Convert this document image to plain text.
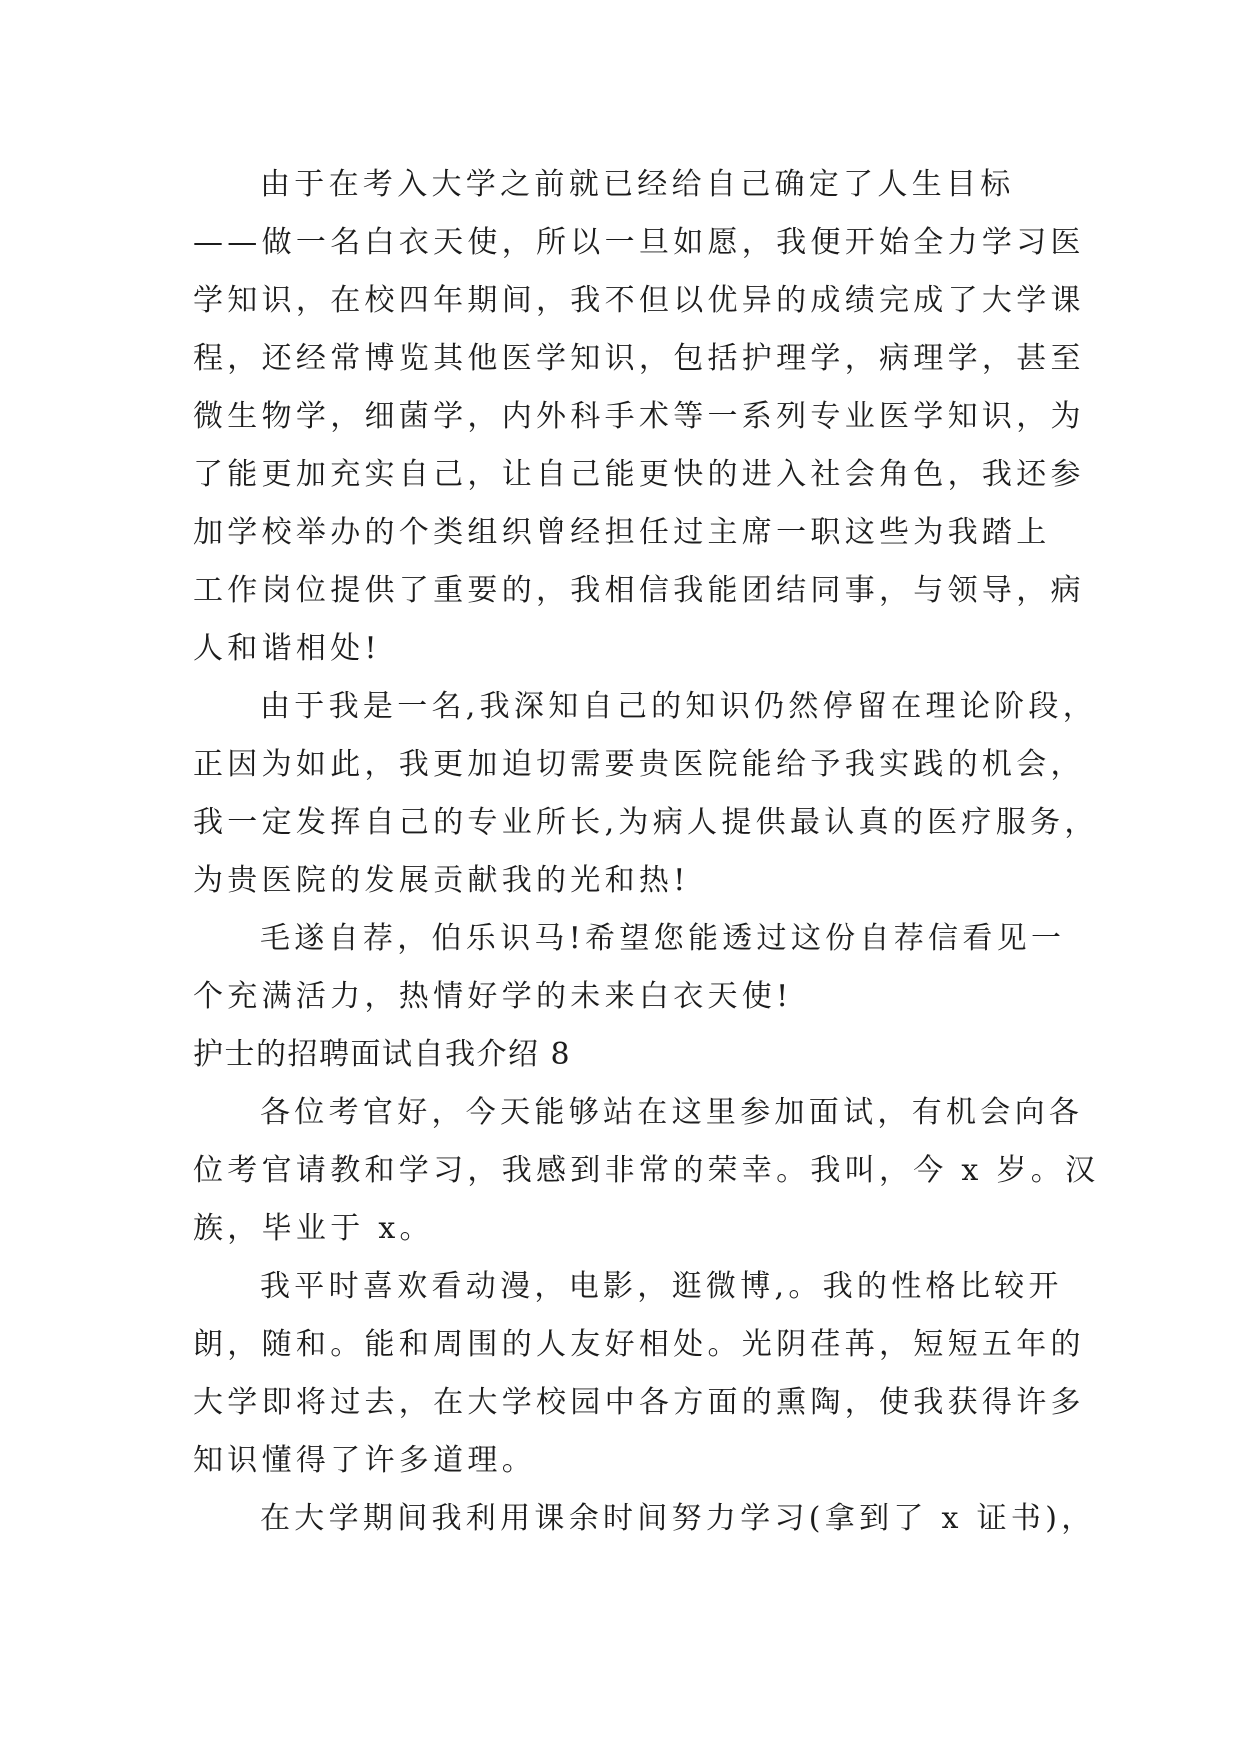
由于在考入大学之前就已经给自己确定了人生目标
——做一名白衣天使，所以一旦如愿，我便开始全力学习医
学知识，在校四年期间，我不但以优异的成绩完成了大学课
程，还经常博览其他医学知识，包括护理学，病理学，甚至
微生物学，细菌学，内外科手术等一系列专业医学知识，为
了能更加充实自己，让自己能更快的进入社会角色，我还参
加学校举办的个类组织曾经担任过主席一职这些为我踏上
工作岗位提供了重要的，我相信我能团结同事，与领导，病
人和谐相处!
由于我是一名,我深知自己的知识仍然停留在理论阶段，
正因为如此，我更加迫切需要贵医院能给予我实践的机会，
我一定发挥自己的专业所长,为病人提供最认真的医疗服务，
为贵医院的发展贡献我的光和热!
毛遂自荐，伯乐识马!希望您能透过这份自荐信看见一
个充满活力，热情好学的未来白衣天使!
护士的招聘面试自我介绍 8
各位考官好，今天能够站在这里参加面试，有机会向各
位考官请教和学习，我感到非常的荣幸。我叫，今 x 岁。汉
族，毕业于 x。
我平时喜欢看动漫，电影，逛微博,。我的性格比较开
朗，随和。能和周围的人友好相处。光阴荏苒，短短五年的
大学即将过去，在大学校园中各方面的熏陶，使我获得许多
知识懂得了许多道理。
在大学期间我利用课余时间努力学习(拿到了 x 证书)，
